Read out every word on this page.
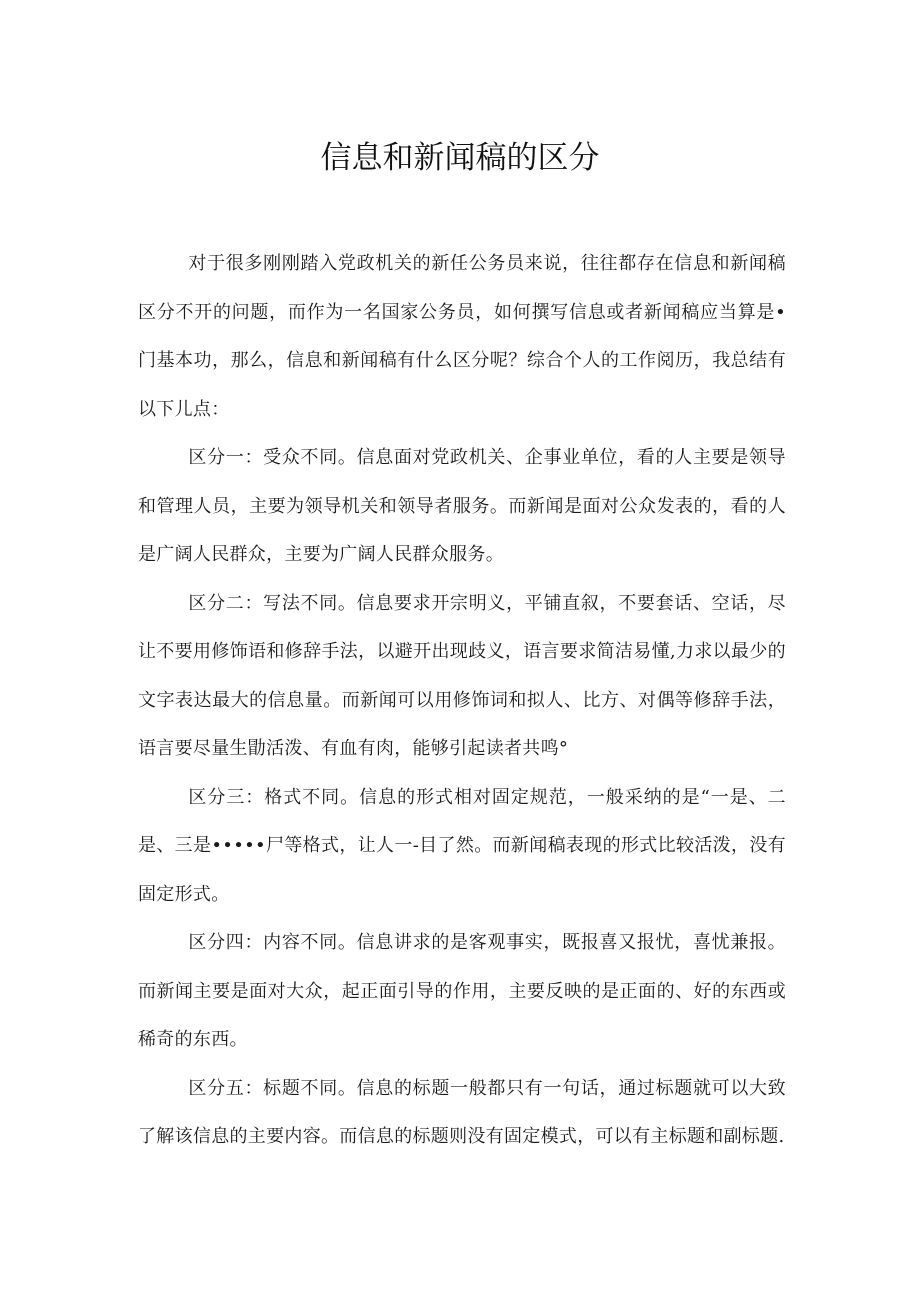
信息和新闻稿的区分

对于很多刚刚踏入党政机关的新任公务员来说，往往都存在信息和新闻稿区分不开的问题，而作为一名国家公务员，如何撰写信息或者新闻稿应当算是•门基本功，那么，信息和新闻稿有什么区分呢？综合个人的工作阅历，我总结有以下儿点：

区分一：受众不同。信息面对党政机关、企事业单位，看的人主要是领导和管理人员，主要为领导机关和领导者服务。而新闻是面对公众发表的，看的人是广阔人民群众，主要为广阔人民群众服务。

区分二：写法不同。信息要求开宗明义，平铺直叙，不要套话、空话，尽让不要用修饰语和修辞手法，以避开出现歧义，语言要求简洁易懂,力求以最少的文字表达最大的信息量。而新闻可以用修饰词和拟人、比方、对偶等修辞手法，语言要尽量生勖活泼、有血有肉，能够引起读者共鸣°

区分三：格式不同。信息的形式相对固定规范，一般采纳的是“一是、二是、三是•••••尸等格式，让人一-目了然。而新闻稿表现的形式比较活泼，没有固定形式。

区分四：内容不同。信息讲求的是客观事实，既报喜又报忧，喜忧兼报。而新闻主要是面对大众，起正面引导的作用，主要反映的是正面的、好的东西或稀奇的东西。

区分五：标题不同。信息的标题一般都只有一句话，通过标题就可以大致了解该信息的主要内容。而信息的标题则没有固定模式，可以有主标题和副标题.
